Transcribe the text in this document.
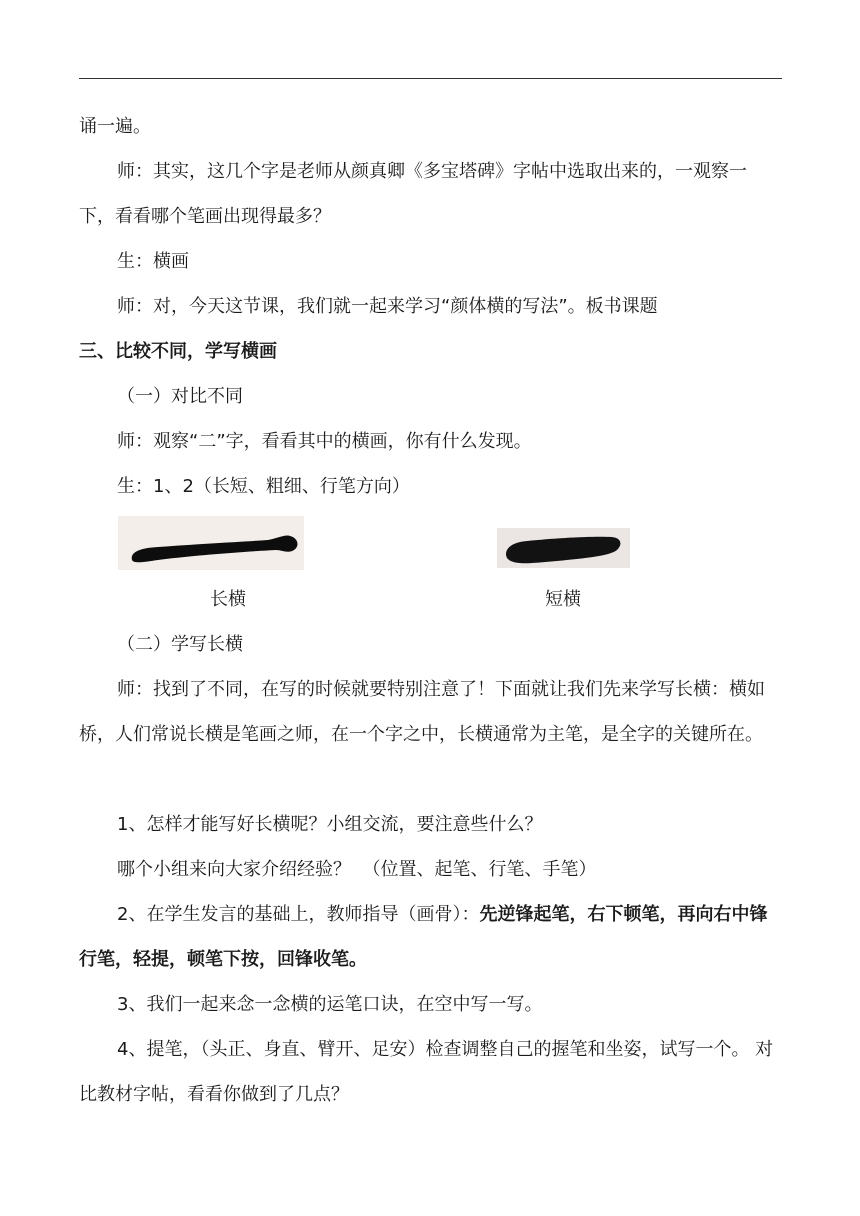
诵一遍。

师：其实，这几个字是老师从颜真卿《多宝塔碑》字帖中选取出来的，一观察一下，看看哪个笔画出现得最多？

生：横画

师：对，今天这节课，我们就一起来学习“颜体横的写法”。板书课题

三、比较不同，学写横画

（一）对比不同

师：观察“二”字，看看其中的横画，你有什么发现。

生：1、2（长短、粗细、行笔方向）

长横	短横

（二）学写长横

师：找到了不同，在写的时候就要特别注意了！下面就让我们先来学写长横：横如桥，人们常说长横是笔画之师，在一个字之中，长横通常为主笔，是全字的关键所在。

1、怎样才能写好长横呢？小组交流，要注意些什么？

哪个小组来向大家介绍经验？  （位置、起笔、行笔、手笔）

2、在学生发言的基础上，教师指导（画骨）：先逆锋起笔，右下顿笔，再向右中锋行笔，轻提，顿笔下按，回锋收笔。

3、我们一起来念一念横的运笔口诀，在空中写一写。

4、提笔，（头正、身直、臂开、足安）检查调整自己的握笔和坐姿，试写一个。 对比教材字帖，看看你做到了几点？
